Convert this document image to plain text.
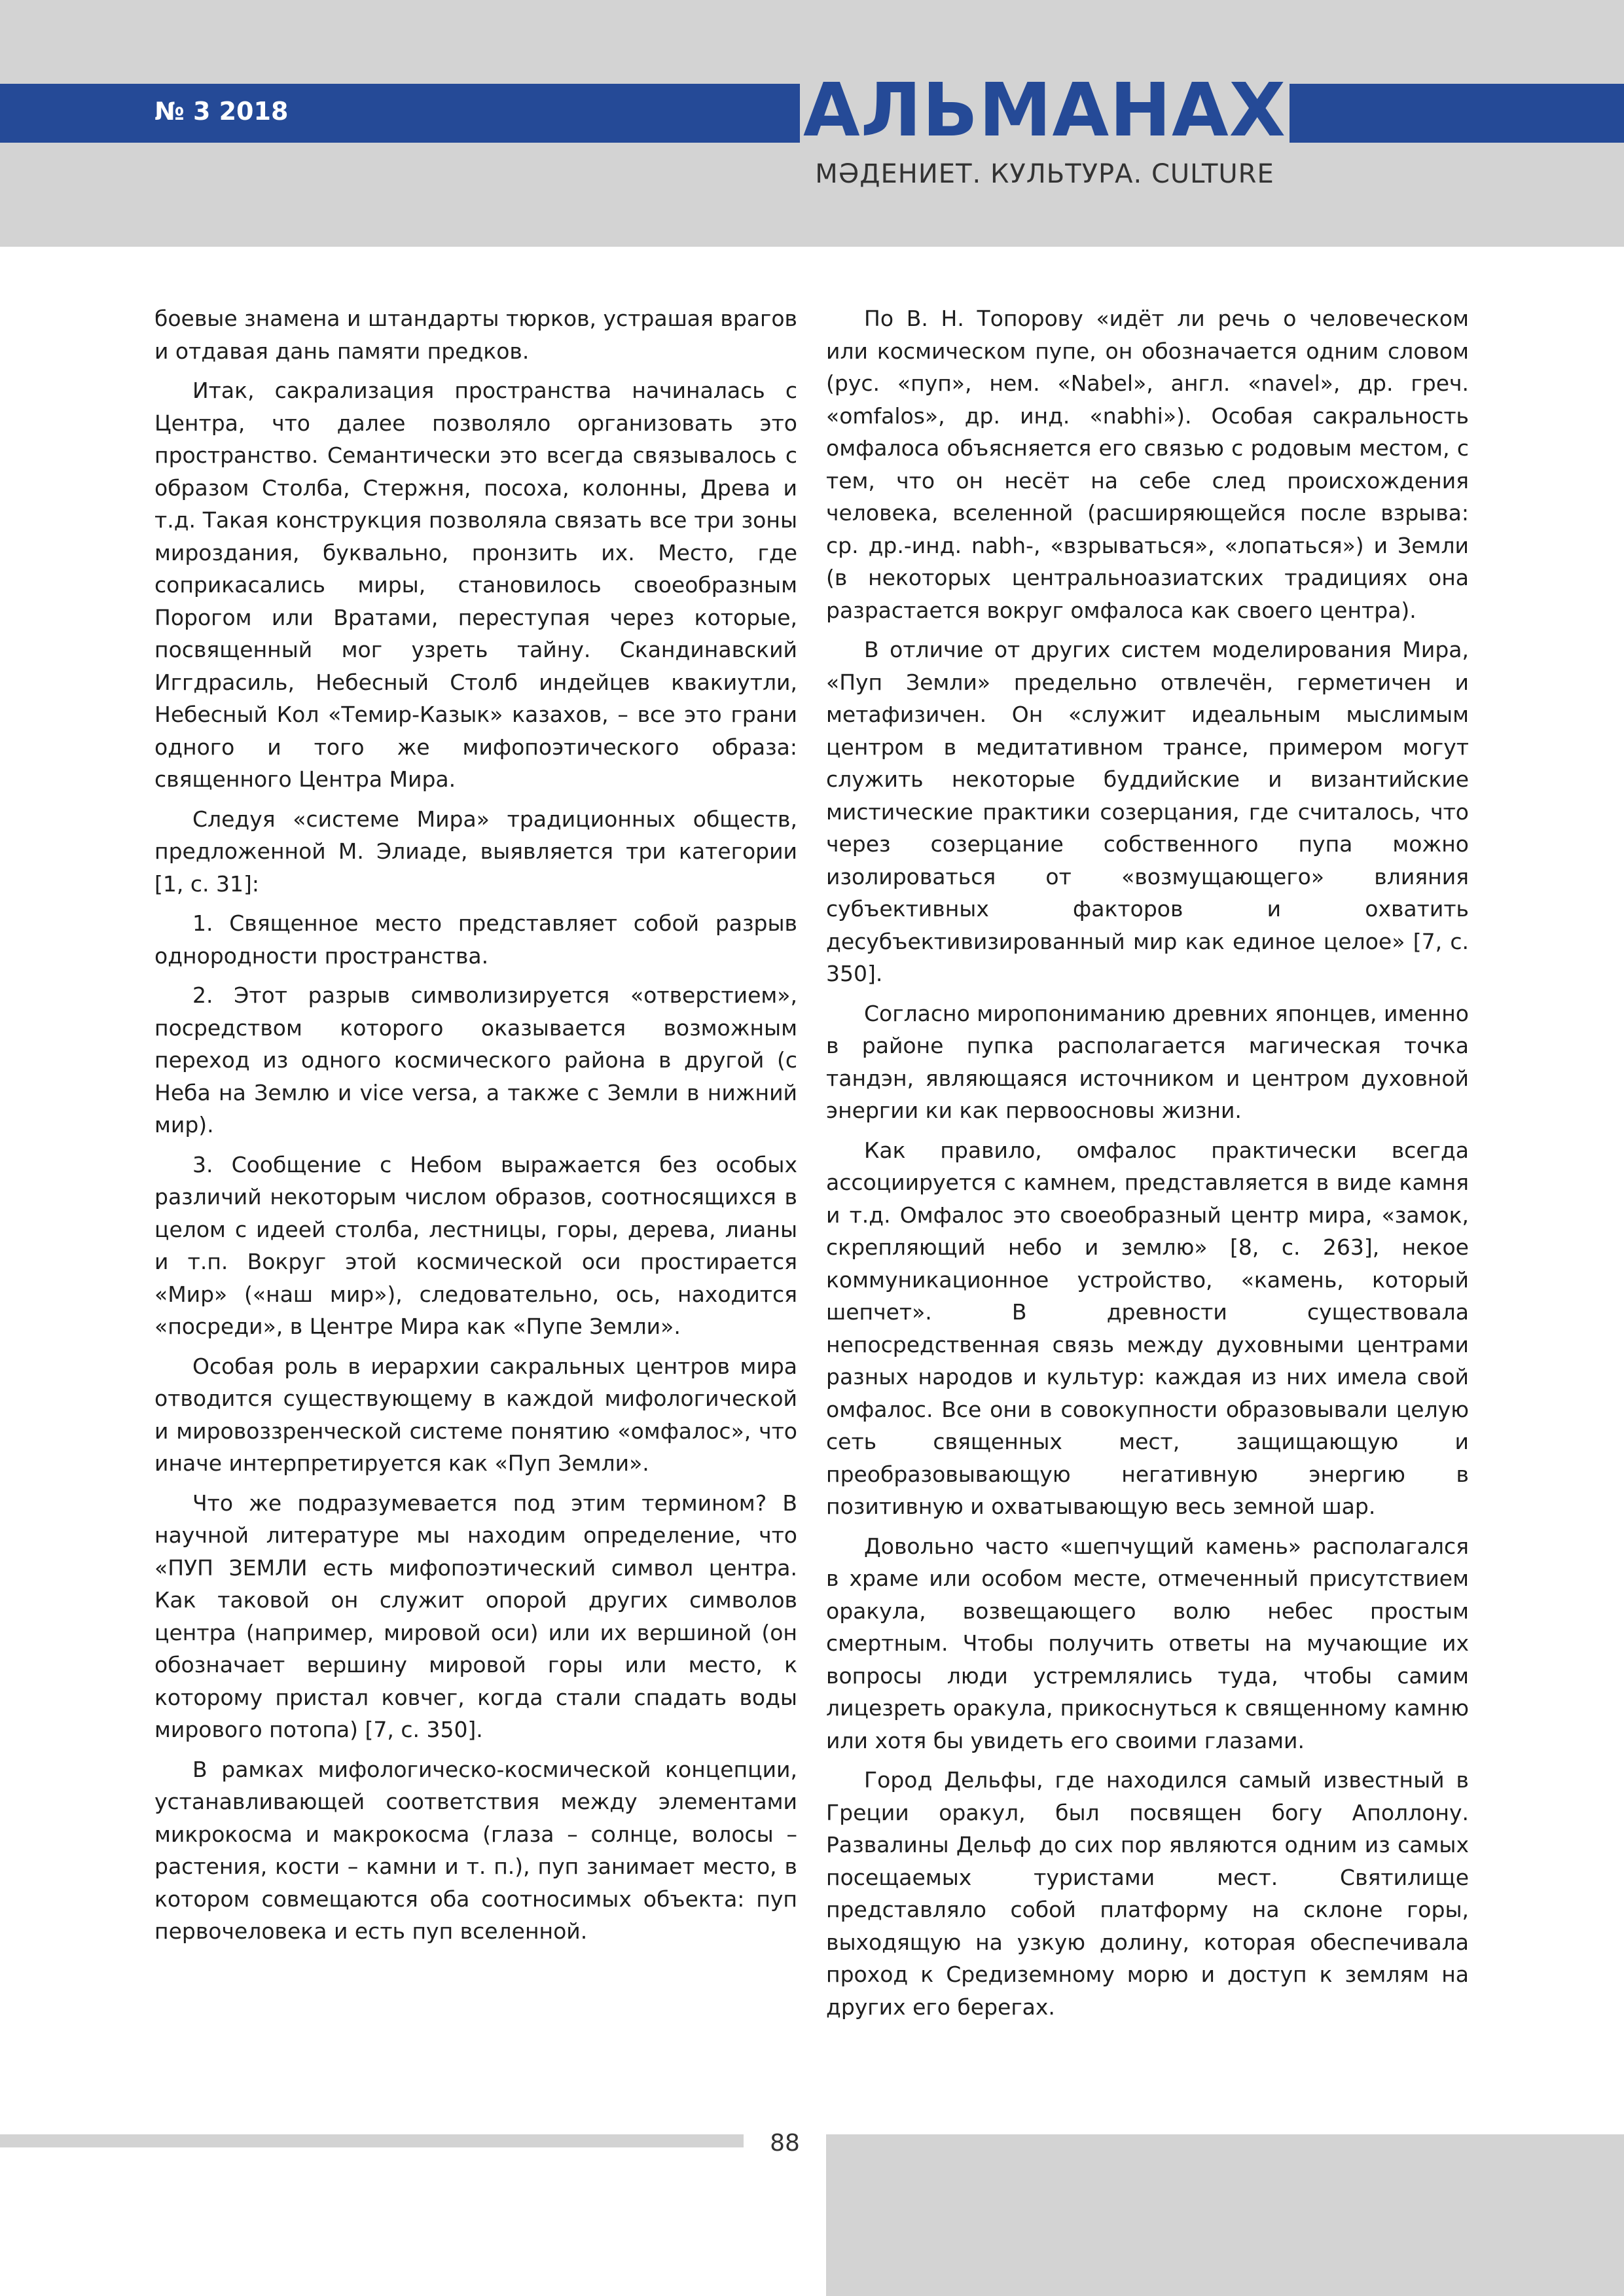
№ 3 2018	АЛЬМАНАХ
МӘДЕНИЕТ. КУЛЬТУРА. CULTURE

боевые знамена и штандарты тюрков, устрашая врагов и отдавая дань памяти предков.

Итак, сакрализация пространства начиналась с Центра, что далее позволяло организовать это пространство. Семантически это всегда связывалось с образом Столба, Стержня, посоха, колонны, Древа и т.д. Такая конструкция позволяла связать все три зоны мироздания, буквально, пронзить их. Место, где соприкасались миры, становилось своеобразным Порогом или Вратами, переступая через которые, посвященный мог узреть тайну. Скандинавский Иггдрасиль, Небесный Столб индейцев квакиутли, Небесный Кол «Темир-Казык» казахов, – все это грани одного и того же мифопоэтического образа: священного Центра Мира.

Следуя «системе Мира» традиционных обществ, предложенной М. Элиаде, выявляется три категории [1, с. 31]:

1. Священное место представляет собой разрыв однородности пространства.

2. Этот разрыв символизируется «отверстием», посредством которого оказывается возможным переход из одного космического района в другой (с Неба на Землю и vice versa, а также с Земли в нижний мир).

3. Сообщение с Небом выражается без особых различий некоторым числом образов, соотносящихся в целом с идеей столба, лестницы, горы, дерева, лианы и т.п. Вокруг этой космической оси простирается «Мир» («наш мир»), следовательно, ось, находится «посреди», в Центре Мира как «Пупе Земли».

Особая роль в иерархии сакральных центров мира отводится существующему в каждой мифологической и мировоззренческой системе понятию «омфалос», что иначе интерпретируется как «Пуп Земли».

Что же подразумевается под этим термином? В научной литературе мы находим определение, что «ПУП ЗЕМЛИ есть мифопоэтический символ центра. Как таковой он служит опорой других символов центра (например, мировой оси) или их вершиной (он обозначает вершину мировой горы или место, к которому пристал ковчег, когда стали спадать воды мирового потопа) [7, с. 350].

В рамках мифологическо-космической концепции, устанавливающей соответствия между элементами микрокосма и макрокосма (глаза – солнце, волосы – растения, кости – камни и т. п.), пуп занимает место, в котором совмещаются оба соотносимых объекта: пуп первочеловека и есть пуп вселенной.

По В. Н. Топорову «идёт ли речь о человеческом или космическом пупе, он обозначается одним словом (рус. «пуп», нем. «Nabel», англ. «navel», др. греч. «omfalos», др. инд. «nabhi»). Особая сакральность омфалоса объясняется его связью с родовым местом, с тем, что он несёт на себе след происхождения человека, вселенной (расширяющейся после взрыва: ср. др.-инд. nabh-, «взрываться», «лопаться») и Земли (в некоторых центральноазиатских традициях она разрастается вокруг омфалоса как своего центра).

В отличие от других систем моделирования Мира, «Пуп Земли» предельно отвлечён, герметичен и метафизичен. Он «служит идеальным мыслимым центром в медитативном трансе, примером могут служить некоторые буддийские и византийские мистические практики созерцания, где считалось, что через созерцание собственного пупа можно изолироваться от «возмущающего» влияния субъективных факторов и охватить десубъективизированный мир как единое целое» [7, с. 350].

Согласно миропониманию древних японцев, именно в районе пупка располагается магическая точка тандэн, являющаяся источником и центром духовной энергии ки как первоосновы жизни.

Как правило, омфалос практически всегда ассоциируется с камнем, представляется в виде камня и т.д. Омфалос это своеобразный центр мира, «замок, скрепляющий небо и землю» [8, с. 263], некое коммуникационное устройство, «камень, который шепчет». В древности существовала непосредственная связь между духовными центрами разных народов и культур: каждая из них имела свой омфалос. Все они в совокупности образовывали целую сеть священных мест, защищающую и преобразовывающую негативную энергию в позитивную и охватывающую весь земной шар.

Довольно часто «шепчущий камень» располагался в храме или особом месте, отмеченный присутствием оракула, возвещающего волю небес простым смертным. Чтобы получить ответы на мучающие их вопросы люди устремлялись туда, чтобы самим лицезреть оракула, прикоснуться к священному камню или хотя бы увидеть его своими глазами.

Город Дельфы, где находился самый известный в Греции оракул, был посвящен богу Аполлону. Развалины Дельф до сих пор являются одним из самых посещаемых туристами мест. Святилище представляло собой платформу на склоне горы, выходящую на узкую долину, которая обеспечивала проход к Средиземному морю и доступ к землям на других его берегах.

88
